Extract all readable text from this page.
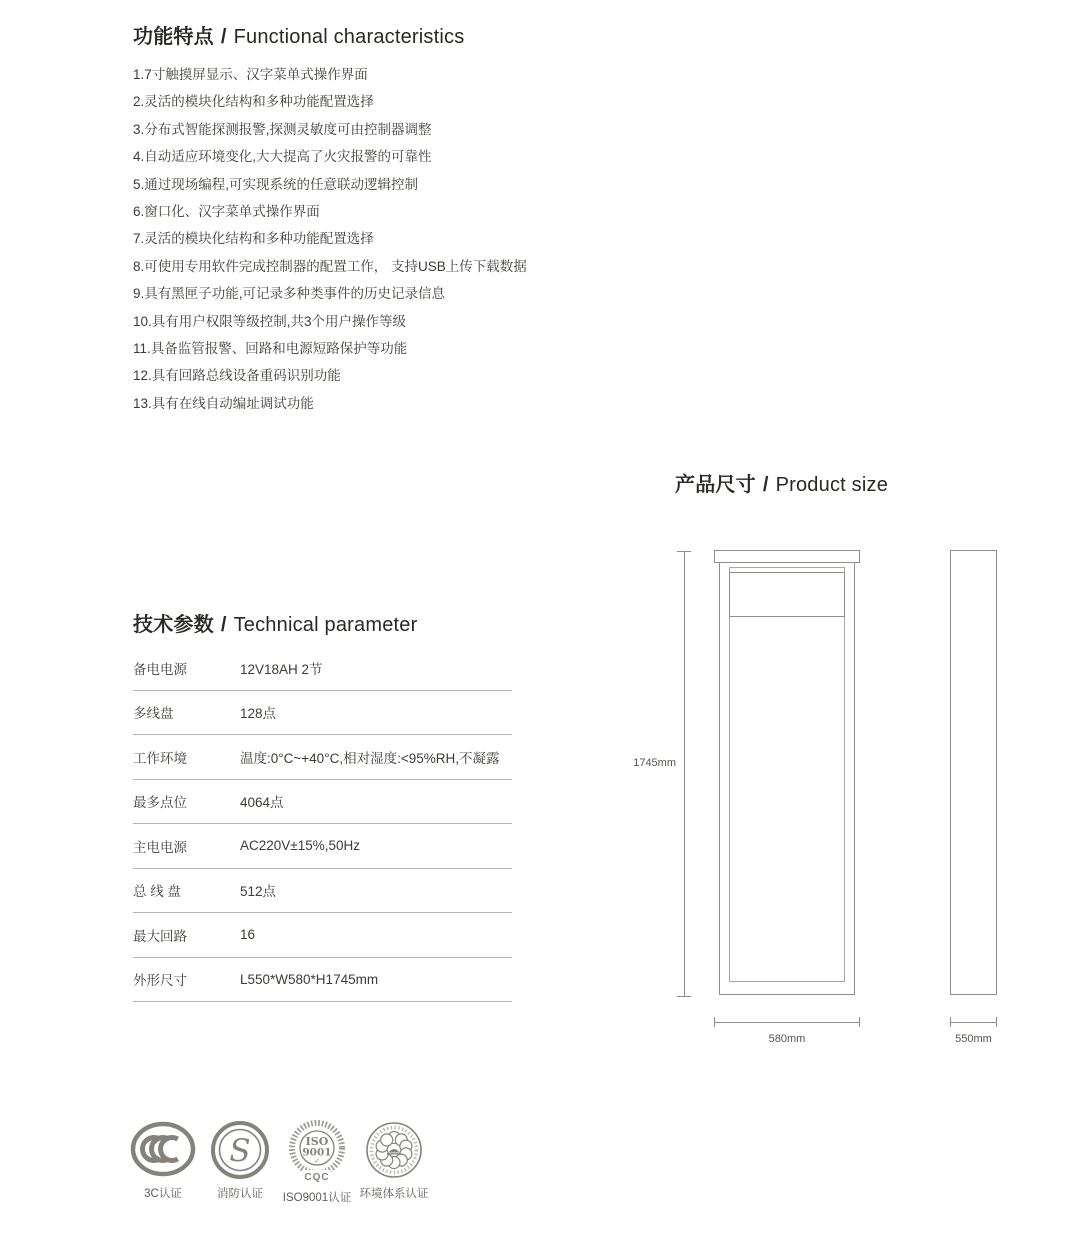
功能特点 / Functional characteristics
1.7寸触摸屏显示、汉字菜单式操作界面
2.灵活的模块化结构和多种功能配置选择
3.分布式智能探测报警,探测灵敏度可由控制器调整
4.自动适应环境变化,大大提高了火灾报警的可靠性
5.通过现场编程,可实现系统的任意联动逻辑控制
6.窗口化、汉字菜单式操作界面
7.灵活的模块化结构和多种功能配置选择
8.可使用专用软件完成控制器的配置工作， 支持USB上传下载数据
9.具有黑匣子功能,可记录多种类事件的历史记录信息
10.具有用户权限等级控制,共3个用户操作等级
11.具备监管报警、回路和电源短路保护等功能
12.具有回路总线设备重码识别功能
13.具有在线自动编址调试功能
产品尺寸 / Product size
技术参数 / Technical parameter
备电电源	12V18AH 2节
多线盘	128点
工作环境	温度:0°C~+40°C,相对湿度:<95%RH,不凝露
最多点位	4064点
主电电源	AC220V±15%,50Hz
总 线 盘	512点
最大回路	16
外形尺寸	L550*W580*H1745mm
1745mm
580mm	550mm
3C认证
S
消防认证
ISO
9001
✓
CQC
ISO9001认证 环境体系认证
